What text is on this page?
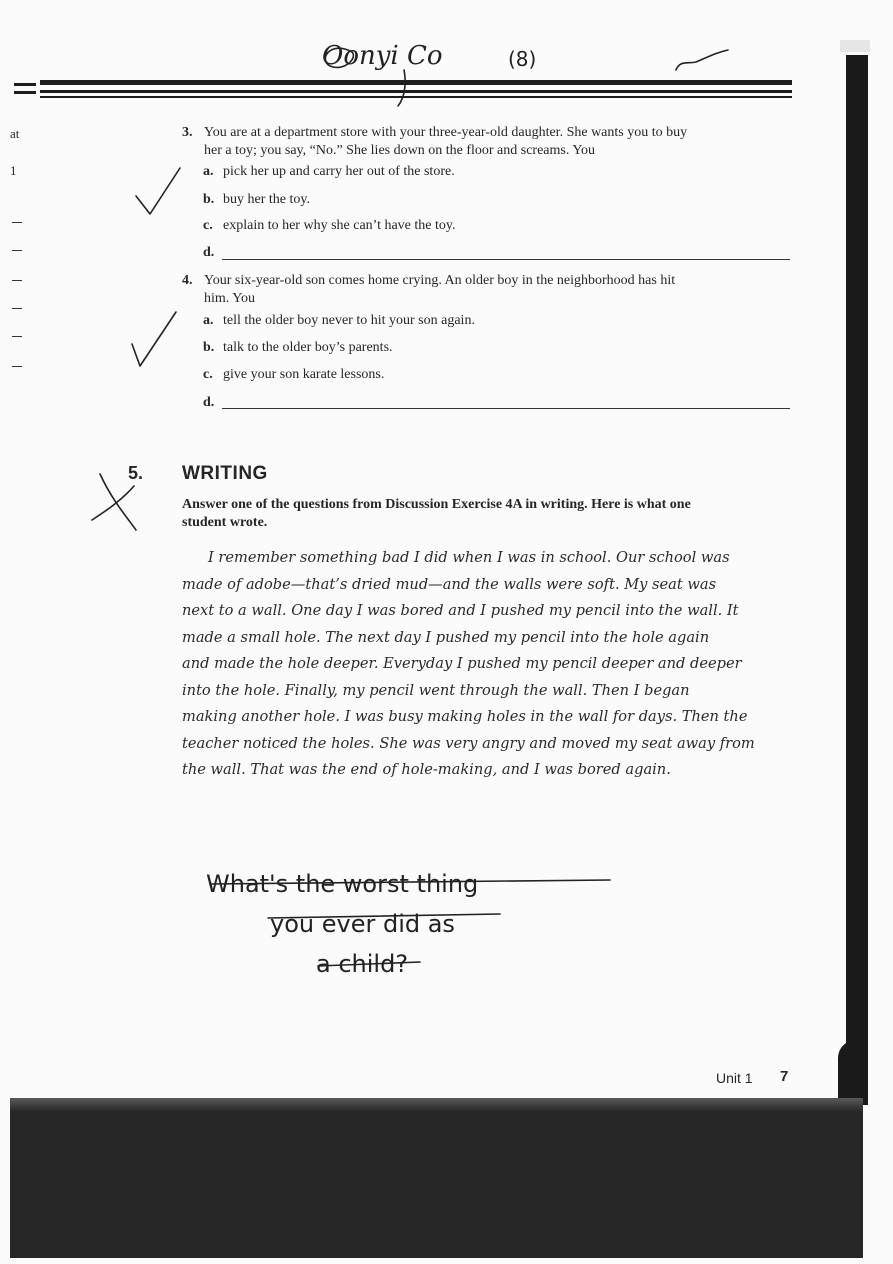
at
1
3. You are at a department store with your three-year-old daughter. She wants you to buy
her a toy; you say, “No.” She lies down on the floor and screams. You
a. pick her up and carry her out of the store.
b. buy her the toy.
c. explain to her why she can’t have the toy.
d.
4. Your six-year-old son comes home crying. An older boy in the neighborhood has hit
him. You
a. tell the older boy never to hit your son again.
b. talk to the older boy’s parents.
c. give your son karate lessons.
d.
5. WRITING
Answer one of the questions from Discussion Exercise 4A in writing. Here is what one
student wrote.
I remember something bad I did when I was in school. Our school was
made of adobe—that’s dried mud—and the walls were soft. My seat was
next to a wall. One day I was bored and I pushed my pencil into the wall. It
made a small hole. The next day I pushed my pencil into the hole again
and made the hole deeper. Everyday I pushed my pencil deeper and deeper
into the hole. Finally, my pencil went through the wall. Then I began
making another hole. I was busy making holes in the wall for days. Then the
teacher noticed the holes. She was very angry and moved my seat away from
the wall. That was the end of hole-making, and I was bored again.
Unit 1 7
Oonyi Co	(8)
What's the worst thing
you ever did as
a child?
